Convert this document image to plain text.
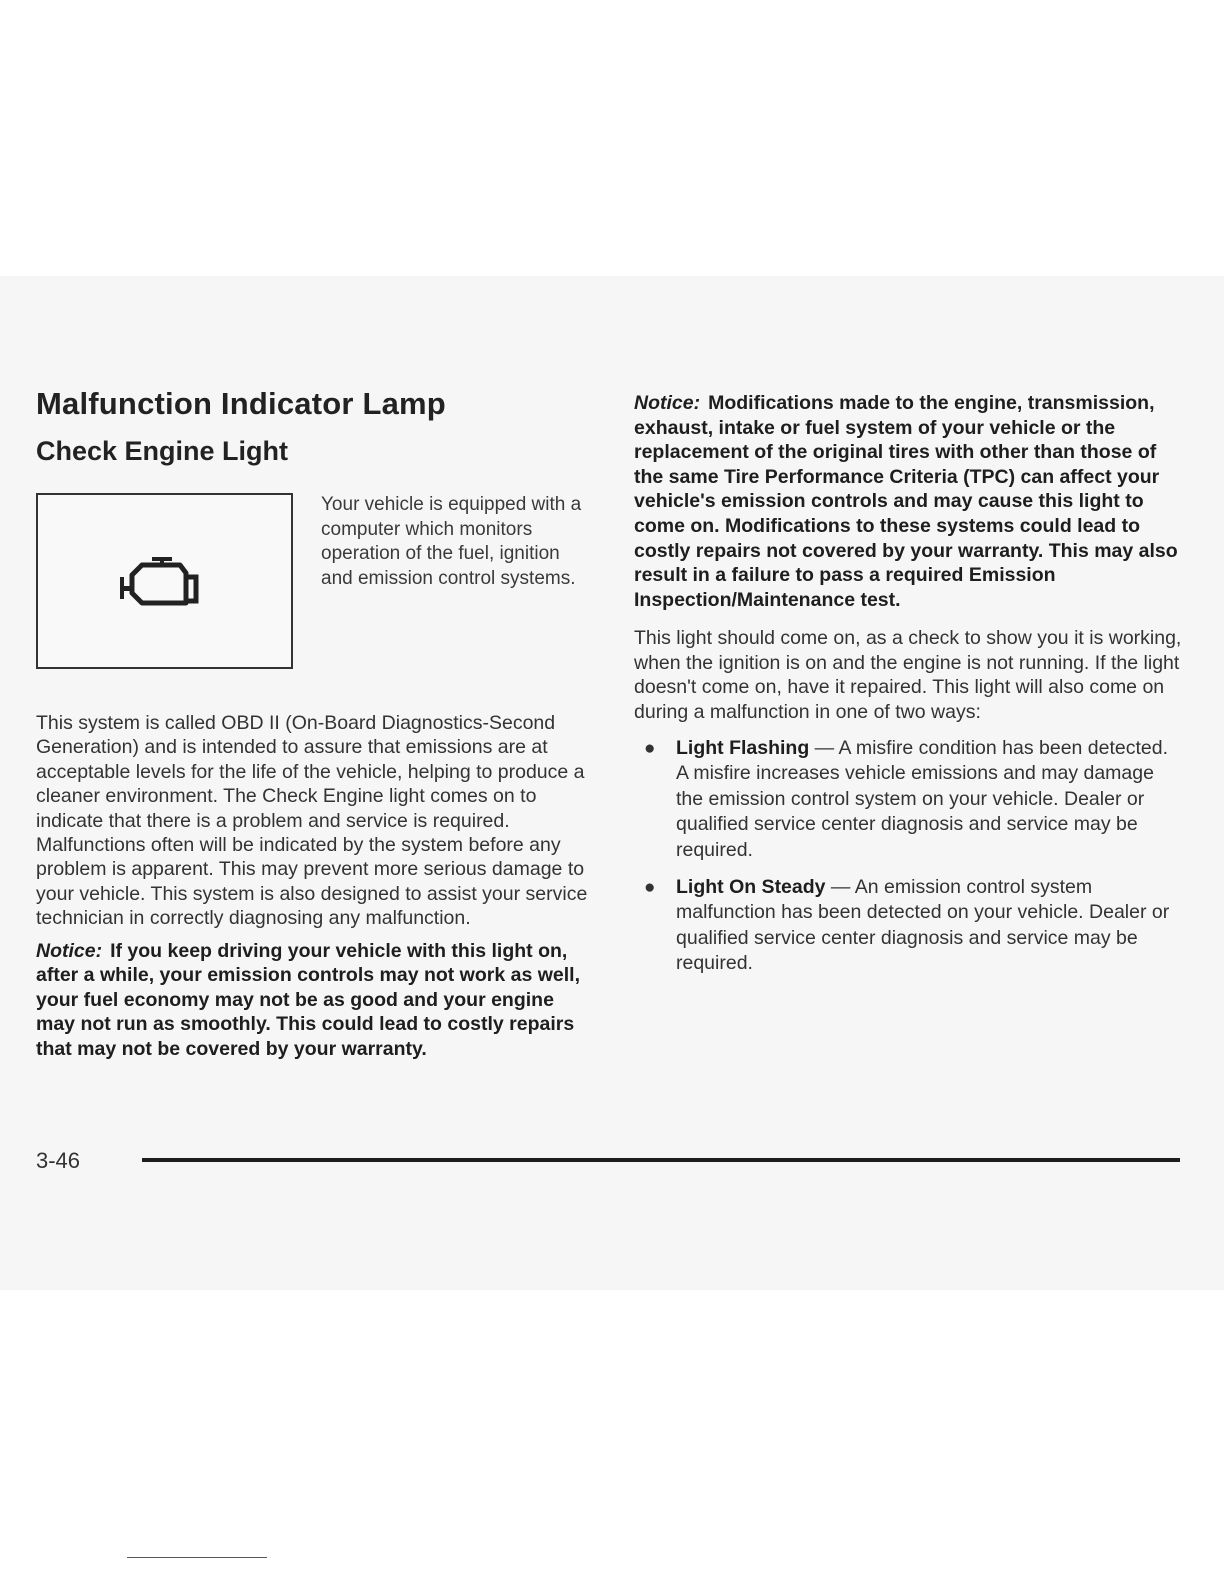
Malfunction Indicator Lamp
Check Engine Light

Your vehicle is equipped with a computer which monitors operation of the fuel, ignition and emission control systems.

This system is called OBD II (On-Board Diagnostics-Second Generation) and is intended to assure that emissions are at acceptable levels for the life of the vehicle, helping to produce a cleaner environment. The Check Engine light comes on to indicate that there is a problem and service is required. Malfunctions often will be indicated by the system before any problem is apparent. This may prevent more serious damage to your vehicle. This system is also designed to assist your service technician in correctly diagnosing any malfunction.

Notice: If you keep driving your vehicle with this light on, after a while, your emission controls may not work as well, your fuel economy may not be as good and your engine may not run as smoothly. This could lead to costly repairs that may not be covered by your warranty.

Notice: Modifications made to the engine, transmission, exhaust, intake or fuel system of your vehicle or the replacement of the original tires with other than those of the same Tire Performance Criteria (TPC) can affect your vehicle's emission controls and may cause this light to come on. Modifications to these systems could lead to costly repairs not covered by your warranty. This may also result in a failure to pass a required Emission Inspection/Maintenance test.

This light should come on, as a check to show you it is working, when the ignition is on and the engine is not running. If the light doesn't come on, have it repaired. This light will also come on during a malfunction in one of two ways:

● Light Flashing — A misfire condition has been detected. A misfire increases vehicle emissions and may damage the emission control system on your vehicle. Dealer or qualified service center diagnosis and service may be required.
● Light On Steady — An emission control system malfunction has been detected on your vehicle. Dealer or qualified service center diagnosis and service may be required.
3-46
